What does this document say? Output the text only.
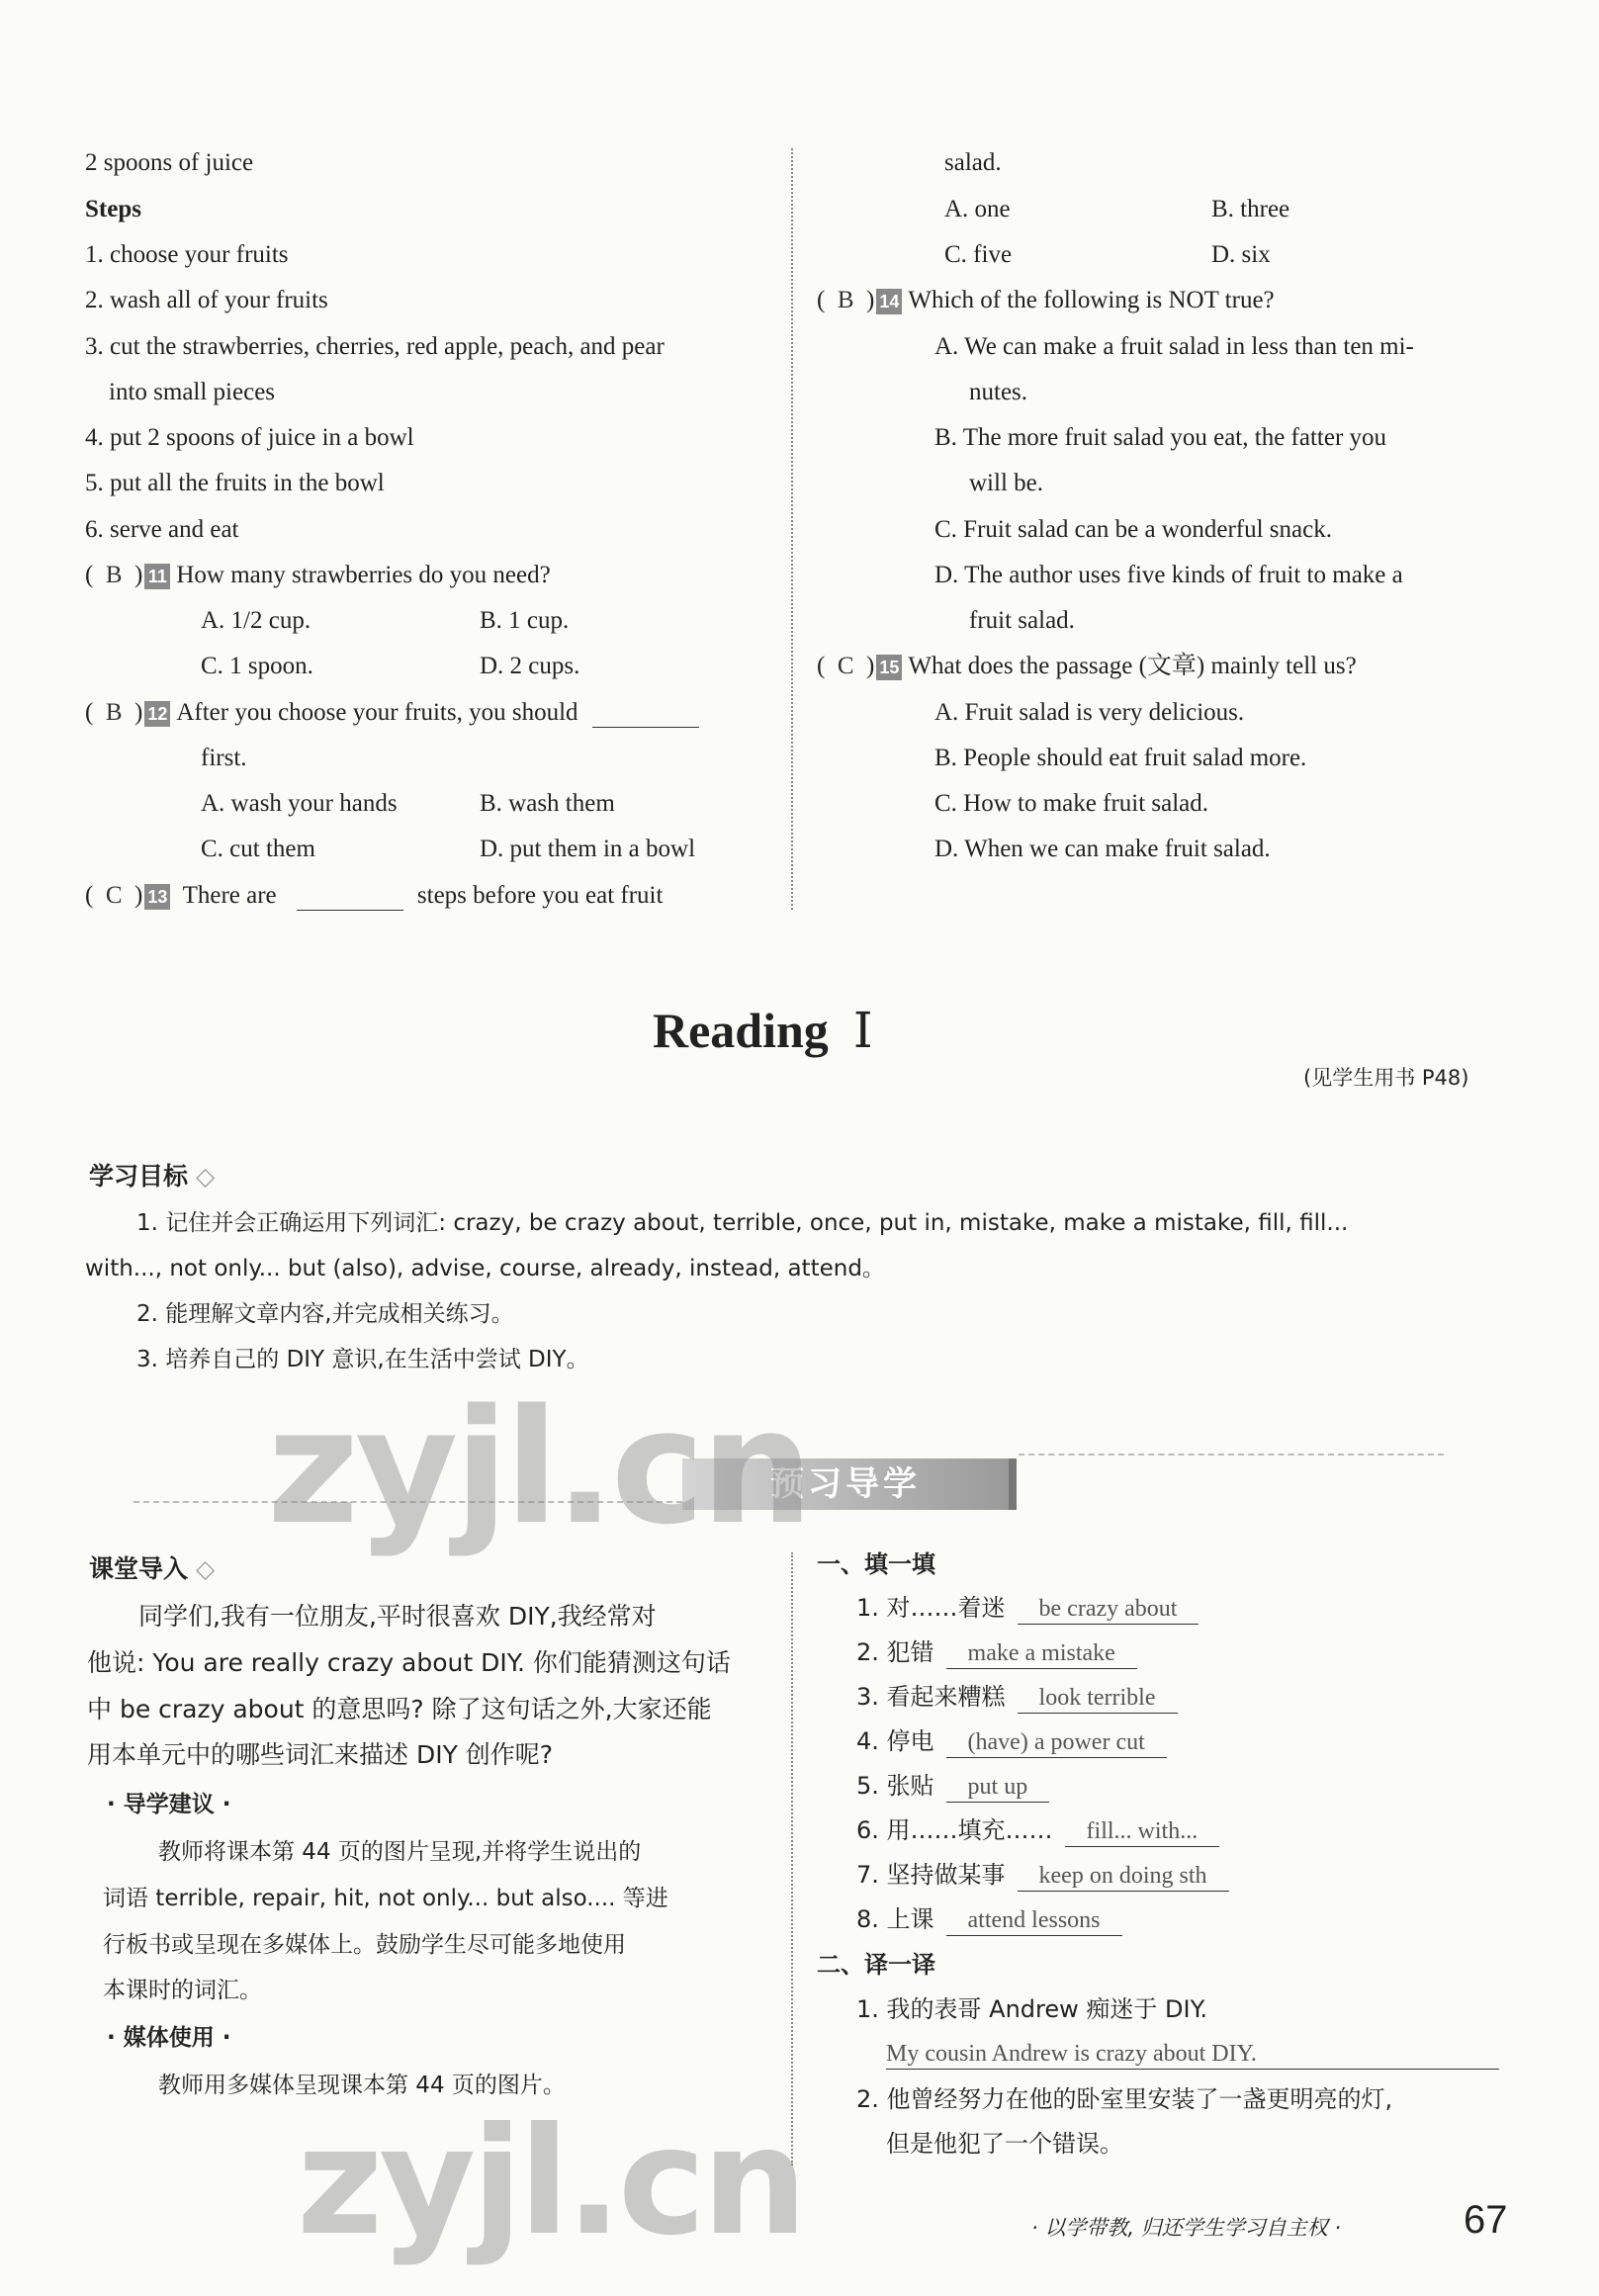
2 spoons of juice
Steps
1. choose your fruits
2. wash all of your fruits
3. cut the strawberries, cherries, red apple, peach, and pear
into small pieces
4. put 2 spoons of juice in a bowl
5. put all the fruits in the bowl
6. serve and eat
(  B  ) 11 How many strawberries do you need?
A. 1/2 cup.	B. 1 cup.
C. 1 spoon.	D. 2 cups.
(  B  ) 12 After you choose your fruits, you should
first.
A. wash your hands	B. wash them
C. cut them	D. put them in a bowl
(  C  ) 13 There are	steps before you eat fruit
salad.
A. one	B. three
C. five	D. six
(  B  ) 14 Which of the following is NOT true?
A. We can make a fruit salad in less than ten mi-
nutes.
B. The more fruit salad you eat, the fatter you
will be.
C. Fruit salad can be a wonderful snack.
D. The author uses five kinds of fruit to make a
fruit salad.
(  C  ) 15 What does the passage (文章) mainly tell us?
A. Fruit salad is very delicious.
B. People should eat fruit salad more.
C. How to make fruit salad.
D. When we can make fruit salad.
Reading Ⅰ
(见学生用书 P48)
学习目标 ◇
1. 记住并会正确运用下列词汇: crazy, be crazy about, terrible, once, put in, mistake, make a mistake, fill, fill...
with..., not only... but (also), advise, course, already, instead, attend。
2. 能理解文章内容,并完成相关练习。
3. 培养自己的 DIY 意识,在生活中尝试 DIY。
预习导学
zyjl.cn
课堂导入 ◇
同学们,我有一位朋友,平时很喜欢 DIY,我经常对
他说: You are really crazy about DIY. 你们能猜测这句话
中 be crazy about 的意思吗? 除了这句话之外,大家还能
用本单元中的哪些词汇来描述 DIY 创作呢?
· 导学建议 ·
教师将课本第 44 页的图片呈现,并将学生说出的
词语 terrible, repair, hit, not only... but also.... 等进
行板书或呈现在多媒体上。鼓励学生尽可能多地使用
本课时的词汇。
· 媒体使用 ·
教师用多媒体呈现课本第 44 页的图片。
zyjl.cn
一、填一填
1. 对……着迷 be crazy about
2. 犯错 make a mistake
3. 看起来糟糕 look terrible
4. 停电 (have) a power cut
5. 张贴 put up
6. 用……填充…… fill... with...
7. 坚持做某事 keep on doing sth
8. 上课 attend lessons
二、译一译
1. 我的表哥 Andrew 痴迷于 DIY.
My cousin Andrew is crazy about DIY.
2. 他曾经努力在他的卧室里安装了一盏更明亮的灯,
但是他犯了一个错误。
· 以学带教, 归还学生学习自主权 ·	67
